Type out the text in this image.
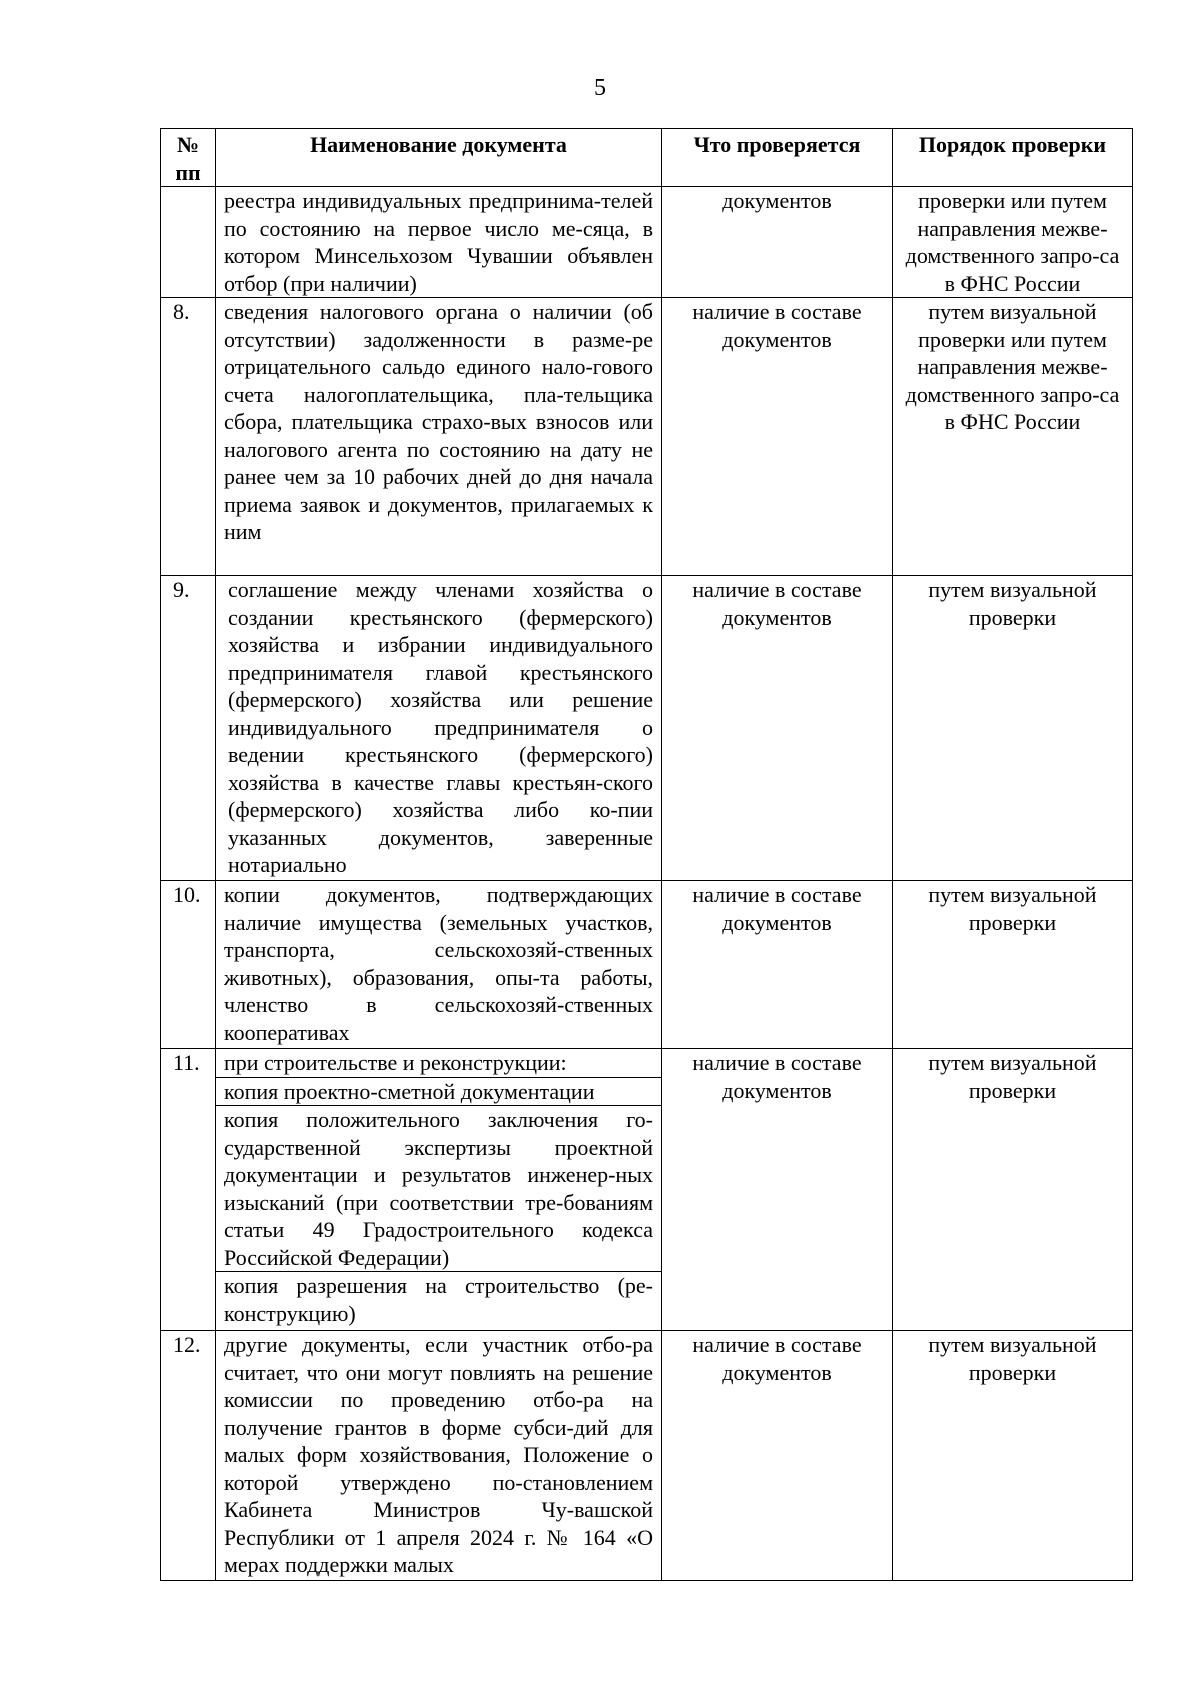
5
№ пп	Наименование документа	Что проверяется	Порядок проверки
	реестра индивидуальных предпринима-телей по состоянию на первое число ме-сяца, в котором Минсельхозом Чувашии объявлен отбор (при наличии)	документов	проверки или путем направления межве-домственного запро-са в ФНС России
8.	сведения налогового органа о наличии (об отсутствии) задолженности в разме-ре отрицательного сальдо единого нало-гового счета налогоплательщика, пла-тельщика сбора, плательщика страхо-вых взносов или налогового агента по состоянию на дату не ранее чем за 10 рабочих дней до дня начала приема заявок и документов, прилагаемых к ним	наличие в составе документов	путем визуальной проверки или путем направления межве-домственного запро-са в ФНС России
9.	соглашение между членами хозяйства о создании крестьянского (фермерского) хозяйства и избрании индивидуального предпринимателя главой крестьянского (фермерского) хозяйства или решение индивидуального предпринимателя о ведении крестьянского (фермерского) хозяйства в качестве главы крестьян-ского (фермерского) хозяйства либо ко-пии указанных документов, заверенные нотариально	наличие в составе документов	путем визуальной проверки
10.	копии документов, подтверждающих наличие имущества (земельных участков, транспорта, сельскохозяй-ственных животных), образования, опы-та работы, членство в сельскохозяй-ственных кооперативах	наличие в составе документов	путем визуальной проверки
11.	при строительстве и реконструкции:
копия проектно-сметной документации
копия положительного заключения го-сударственной экспертизы проектной документации и результатов инженер-ных изысканий (при соответствии тре-бованиям статьи 49 Градостроительного кодекса Российской Федерации)
копия разрешения на строительство (ре-конструкцию)	наличие в составе документов	путем визуальной проверки
12.	другие документы, если участник отбо-ра считает, что они могут повлиять на решение комиссии по проведению отбо-ра на получение грантов в форме субси-дий для малых форм хозяйствования, Положение о которой утверждено по-становлением Кабинета Министров Чу-вашской Республики от 1 апреля 2024 г. № 164 «О мерах поддержки малых	наличие в составе документов	путем визуальной проверки
